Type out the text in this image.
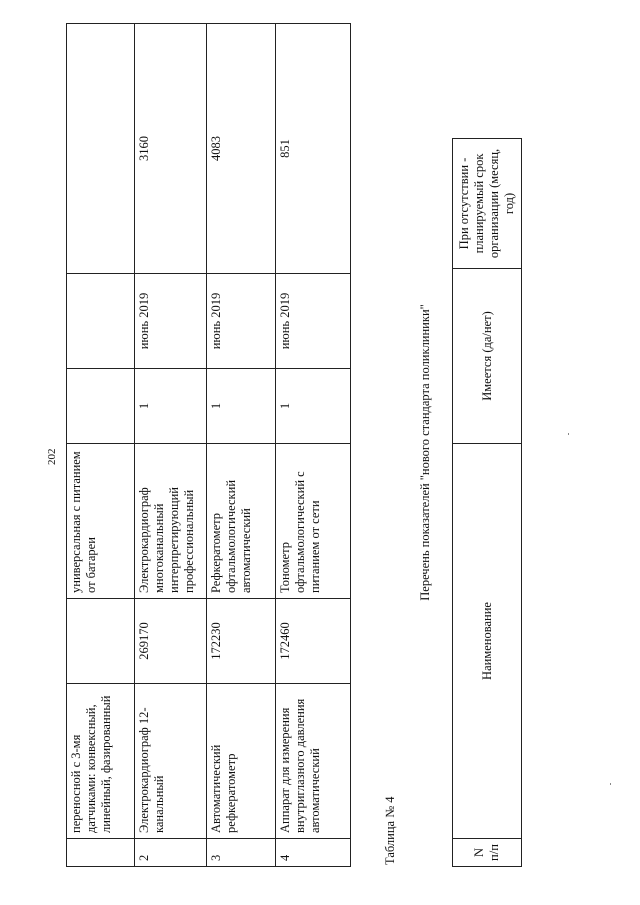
202
	переносной с 3-мя датчиками: конвексный, линейный, фазированный		универсальная с питанием от батареи			
2	Электрокардиограф 12-канальный	269170	Электрокардиограф многоканальный интерпретирующий профессиональный	1	июнь 2019	3160
3	Автоматический рефкератометр	172230	Рефкератометр офтальмологический автоматический	1	июнь 2019	4083
4	Аппарат для измерения внутриглазного давления автоматический	172460	Тонометр офтальмологический с питанием от сети	1	июнь 2019	851
Таблица № 4
Перечень показателей "нового стандарта поликлиники"
N п/п	Наименование	Имеется (да/нет)	При отсутствии - планируемый срок организации (месяц, год)
